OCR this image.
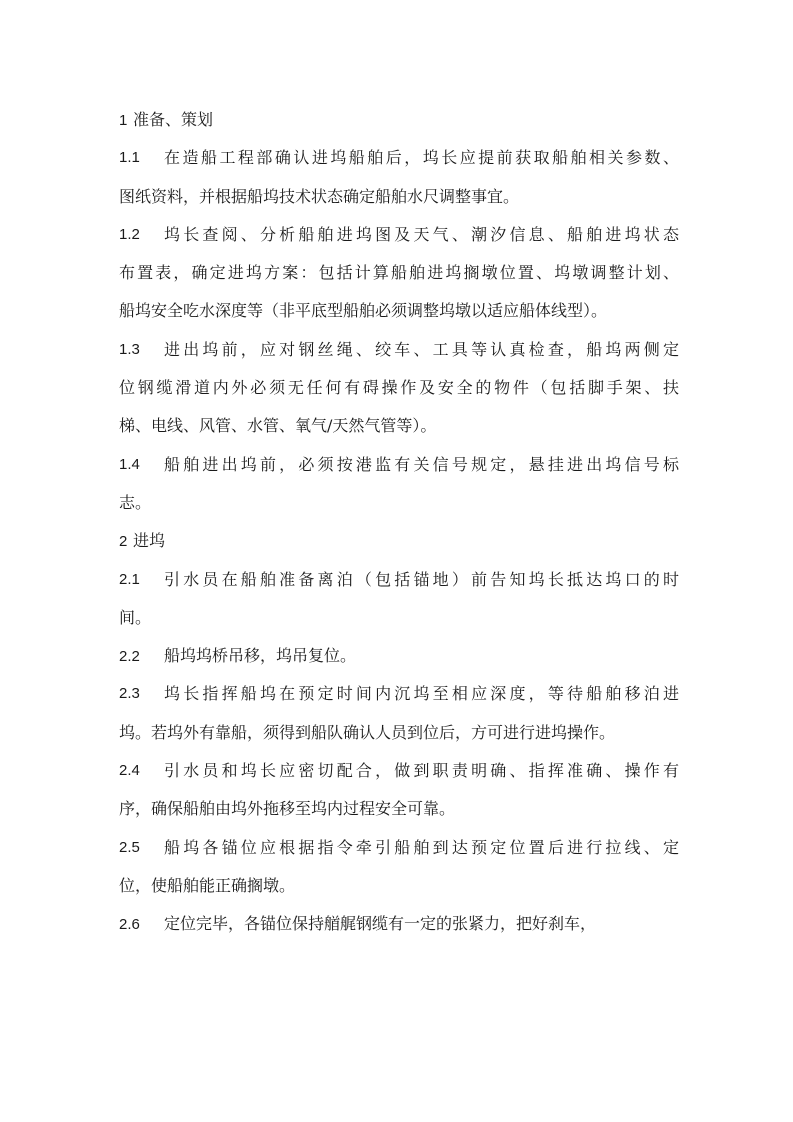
1 准备、策划
1.1	在造船工程部确认进坞船舶后，坞长应提前获取船舶相关参数、
图纸资料，并根据船坞技术状态确定船舶水尺调整事宜。
1.2	坞长查阅、分析船舶进坞图及天气、潮汐信息、船舶进坞状态
布置表，确定进坞方案：包括计算船舶进坞搁墩位置、坞墩调整计划、
船坞安全吃水深度等（非平底型船舶必须调整坞墩以适应船体线型）。
1.3	进出坞前，应对钢丝绳、绞车、工具等认真检查，船坞两侧定
位钢缆滑道内外必须无任何有碍操作及安全的物件（包括脚手架、扶
梯、电线、风管、水管、氧气/天然气管等）。
1.4	船舶进出坞前，必须按港监有关信号规定，悬挂进出坞信号标
志。
2 进坞
2.1	引水员在船舶准备离泊（包括锚地）前告知坞长抵达坞口的时
间。
2.2 船坞坞桥吊移，坞吊复位。
2.3	坞长指挥船坞在预定时间内沉坞至相应深度，等待船舶移泊进
坞。若坞外有靠船，须得到船队确认人员到位后，方可进行进坞操作。
2.4	引水员和坞长应密切配合，做到职责明确、指挥准确、操作有
序，确保船舶由坞外拖移至坞内过程安全可靠。
2.5	船坞各锚位应根据指令牵引船舶到达预定位置后进行拉线、定
位，使船舶能正确搁墩。
2.6 定位完毕，各锚位保持艏艉钢缆有一定的张紧力，把好刹车，
